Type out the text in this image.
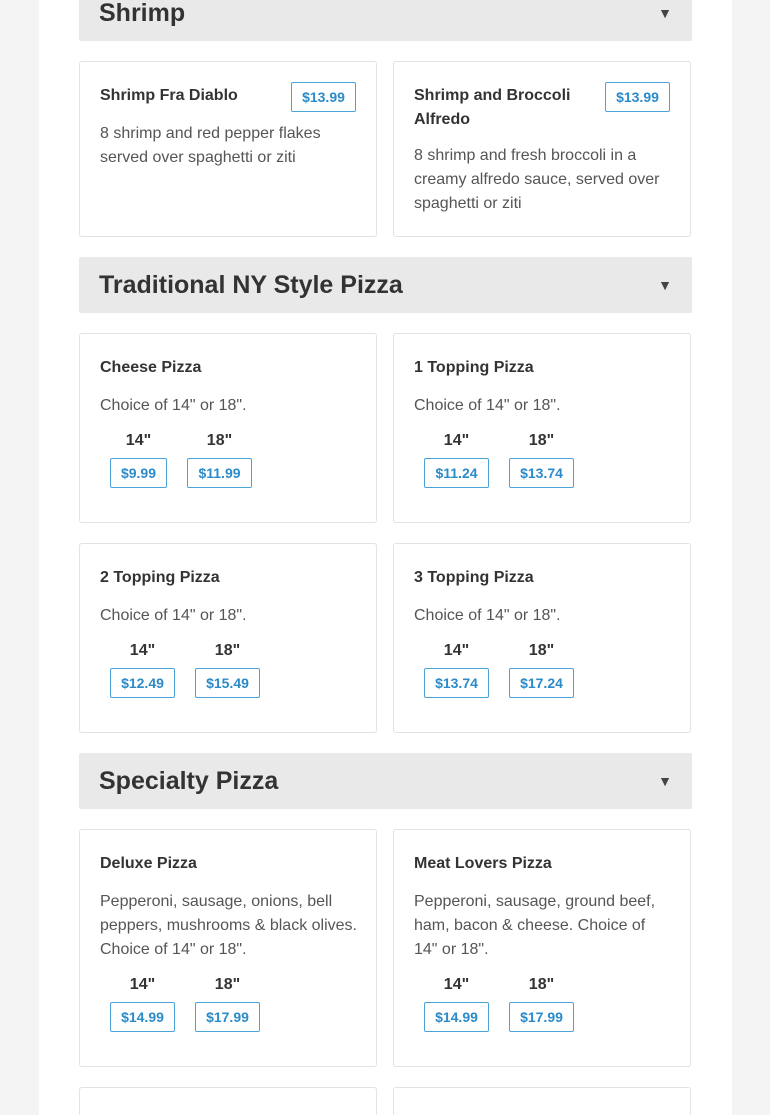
Shrimp	▼
Shrimp Fra Diablo	$13.99
8 shrimp and red pepper flakes served over spaghetti or ziti
Shrimp and Broccoli Alfredo
$13.99
8 shrimp and fresh broccoli in a creamy alfredo sauce, served over spaghetti or ziti
Traditional NY Style Pizza	▼
Cheese Pizza
Choice of 14" or 18".
14"	18"
$9.99	$11.99
1 Topping Pizza
Choice of 14" or 18".
14"	18"
$11.24	$13.74
2 Topping Pizza
Choice of 14" or 18".
14"	18"
$12.49	$15.49
3 Topping Pizza
Choice of 14" or 18".
14"	18"
$13.74	$17.24
Specialty Pizza	▼
Deluxe Pizza
Pepperoni, sausage, onions, bell peppers, mushrooms & black olives. Choice of 14" or 18".
14"	18"
$14.99	$17.99
Meat Lovers Pizza
Pepperoni, sausage, ground beef, ham, bacon & cheese. Choice of 14" or 18".
14"	18"
$14.99	$17.99
